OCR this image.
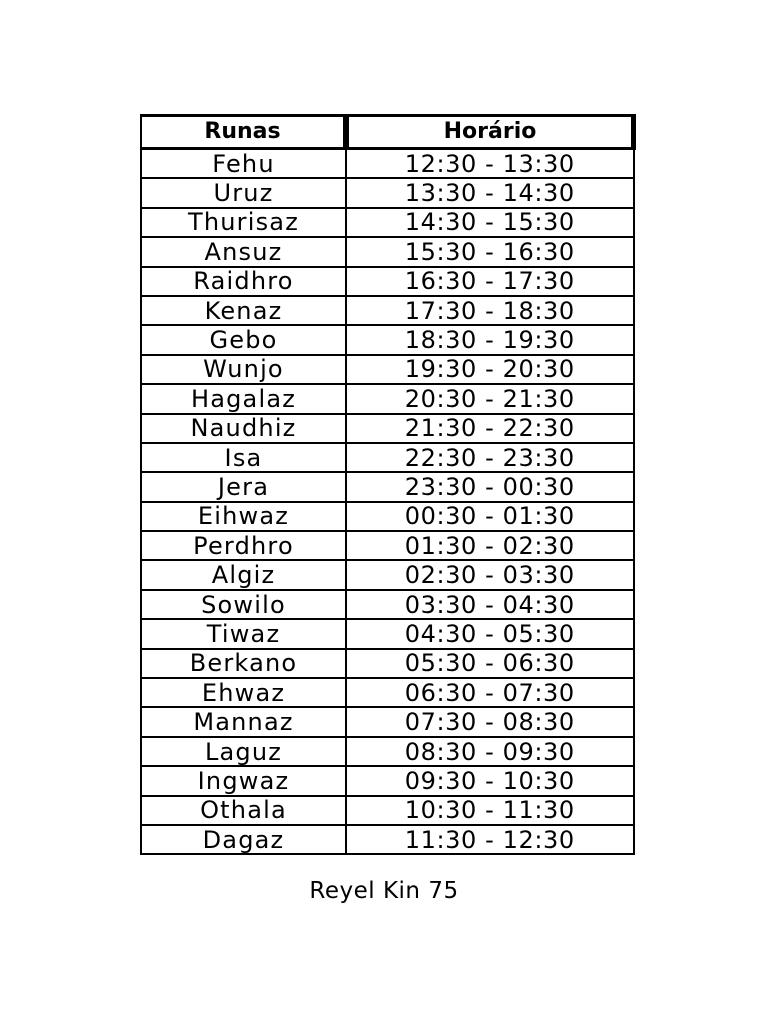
Runas	Horário
Fehu	12:30 - 13:30
Uruz	13:30 - 14:30
Thurisaz	14:30 - 15:30
Ansuz	15:30 - 16:30
Raidhro	16:30 - 17:30
Kenaz	17:30 - 18:30
Gebo	18:30 - 19:30
Wunjo	19:30 - 20:30
Hagalaz	20:30 - 21:30
Naudhiz	21:30 - 22:30
Isa	22:30 - 23:30
Jera	23:30 - 00:30
Eihwaz	00:30 - 01:30
Perdhro	01:30 - 02:30
Algiz	02:30 - 03:30
Sowilo	03:30 - 04:30
Tiwaz	04:30 - 05:30
Berkano	05:30 - 06:30
Ehwaz	06:30 - 07:30
Mannaz	07:30 - 08:30
Laguz	08:30 - 09:30
Ingwaz	09:30 - 10:30
Othala	10:30 - 11:30
Dagaz	11:30 - 12:30
Reyel Kin 75
